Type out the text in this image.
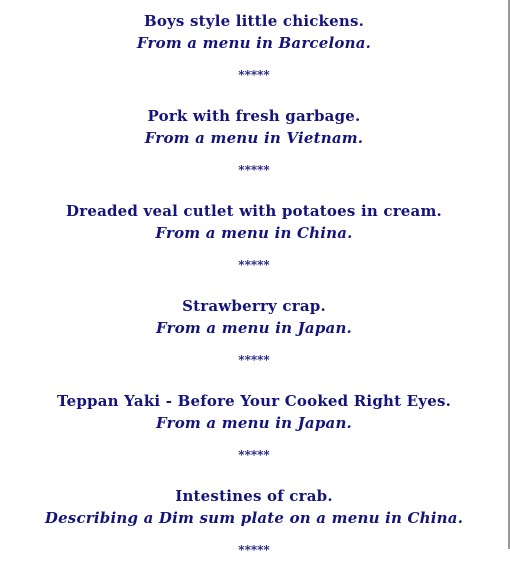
Boys style little chickens.
From a menu in Barcelona.
*****
Pork with fresh garbage.
From a menu in Vietnam.
*****
Dreaded veal cutlet with potatoes in cream.
From a menu in China.
*****
Strawberry crap.
From a menu in Japan.
*****
Teppan Yaki - Before Your Cooked Right Eyes.
From a menu in Japan.
*****
Intestines of crab.
Describing a Dim sum plate on a menu in China.
*****
